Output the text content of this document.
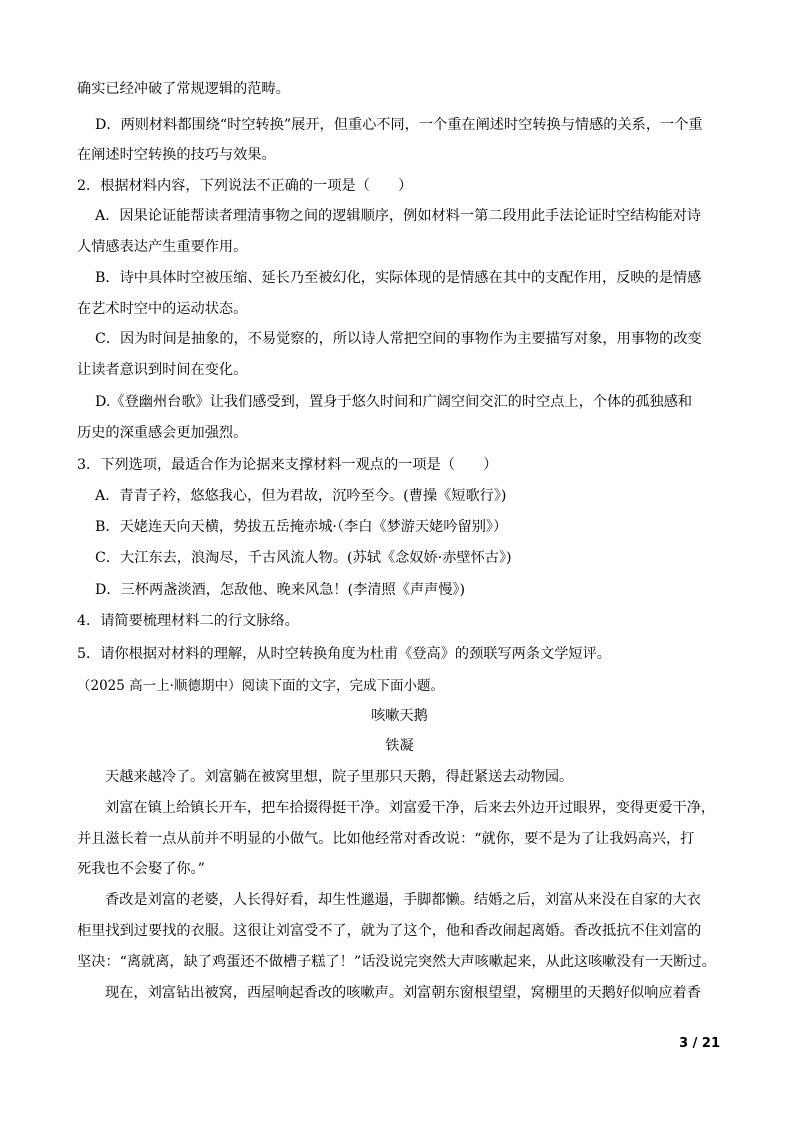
确实已经冲破了常规逻辑的范畴。
D．两则材料都围绕“时空转换”展开，但重心不同，一个重在阐述时空转换与情感的关系，一个重
在阐述时空转换的技巧与效果。
2．根据材料内容，下列说法不正确的一项是（　　）
A．因果论证能帮读者理清事物之间的逻辑顺序，例如材料一第二段用此手法论证时空结构能对诗
人情感表达产生重要作用。
B．诗中具体时空被压缩、延长乃至被幻化，实际体现的是情感在其中的支配作用，反映的是情感
在艺术时空中的运动状态。
C．因为时间是抽象的，不易觉察的，所以诗人常把空间的事物作为主要描写对象，用事物的改变
让读者意识到时间在变化。
D.《登幽州台歌》让我们感受到，置身于悠久时间和广阔空间交汇的时空点上，个体的孤独感和
历史的深重感会更加强烈。
3．下列选项，最适合作为论据来支撑材料一观点的一项是（　　）
A．青青子衿，悠悠我心，但为君故，沉吟至今。(曹操《短歌行》)
B．天姥连天向天横，势拔五岳掩赤城·（李白《梦游天姥吟留别》）
C．大江东去，浪淘尽，千古风流人物。(苏轼《念奴娇·赤壁怀古》)
D．三杯两盏淡酒，怎敌他、晚来风急！(李清照《声声慢》)
4．请简要梳理材料二的行文脉络。
5．请你根据对材料的理解，从时空转换角度为杜甫《登高》的颈联写两条文学短评。
（2025 高一上·顺德期中）阅读下面的文字，完成下面小题。
咳嗽天鹅
铁凝
天越来越冷了。刘富躺在被窝里想，院子里那只天鹅，得赶紧送去动物园。
刘富在镇上给镇长开车，把车拾掇得挺干净。刘富爱干净，后来去外边开过眼界，变得更爱干净，
并且滋长着一点从前并不明显的小做气。比如他经常对香改说：“就你，要不是为了让我妈高兴，打
死我也不会娶了你。”
香改是刘富的老婆，人长得好看，却生性邋遢，手脚都懒。结婚之后，刘富从来没在自家的大衣
柜里找到过要找的衣服。这很让刘富受不了，就为了这个，他和香改闹起离婚。香改抵抗不住刘富的
坚决：“离就离，缺了鸡蛋还不做槽子糕了！”话没说完突然大声咳嗽起来，从此这咳嗽没有一天断过。
现在，刘富钻出被窝，西屋响起香改的咳嗽声。刘富朝东窗根望望，窝棚里的天鹅好似响应着香
3 / 21
